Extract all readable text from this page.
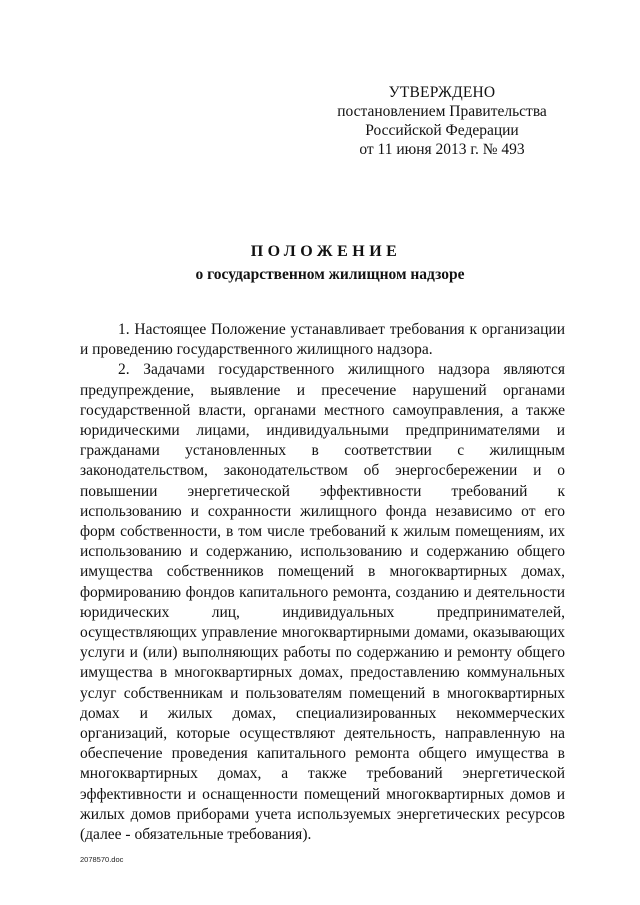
УТВЕРЖДЕНО
постановлением Правительства
Российской Федерации
от 11 июня 2013 г. № 493
ПОЛОЖЕНИЕ
о государственном жилищном надзоре

1. Настоящее Положение устанавливает требования к организации и проведению государственного жилищного надзора.

2. Задачами государственного жилищного надзора являются предупреждение, выявление и пресечение нарушений органами государственной власти, органами местного самоуправления, а также юридическими лицами, индивидуальными предпринимателями и гражданами установленных в соответствии с жилищным законодательством, законодательством об энергосбережении и о повышении энергетической эффективности требований к использованию и сохранности жилищного фонда независимо от его форм собственности, в том числе требований к жилым помещениям, их использованию и содержанию, использованию и содержанию общего имущества собственников помещений в многоквартирных домах, формированию фондов капитального ремонта, созданию и деятельности юридических лиц, индивидуальных предпринимателей, осуществляющих управление многоквартирными домами, оказывающих услуги и (или) выполняющих работы по содержанию и ремонту общего имущества в многоквартирных домах, предоставлению коммунальных услуг собственникам и пользователям помещений в многоквартирных домах и жилых домах, специализированных некоммерческих организаций, которые осуществляют деятельность, направленную на обеспечение проведения капитального ремонта общего имущества в многоквартирных домах, а также требований энергетической эффективности и оснащенности помещений многоквартирных домов и жилых домов приборами учета используемых энергетических ресурсов (далее - обязательные требования).

2078570.doc
